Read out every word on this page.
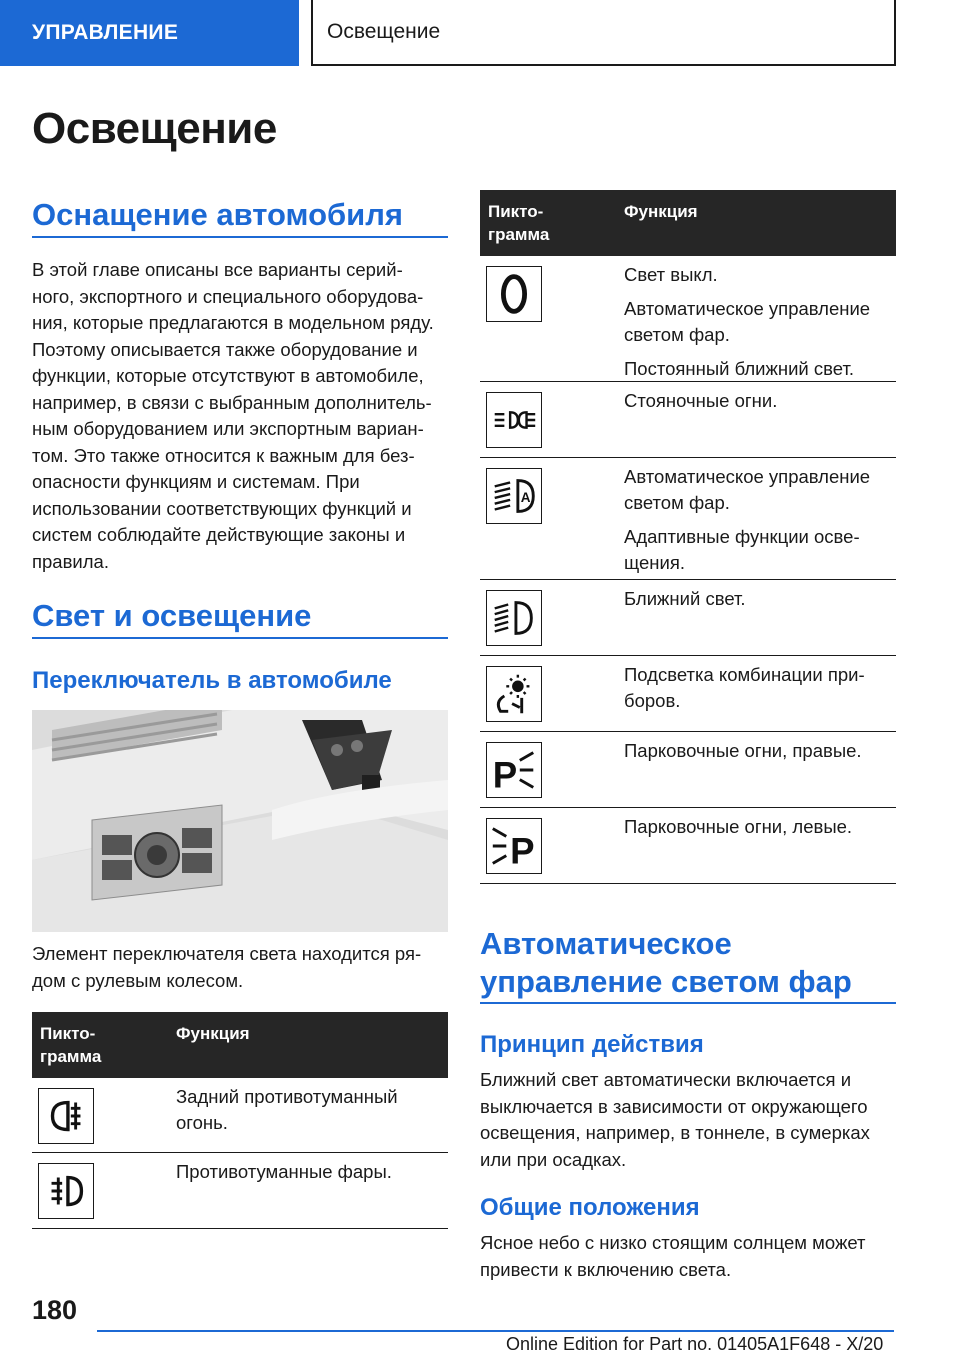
УПРАВЛЕНИЕ	Освещение
Освещение
Оснащение автомобиля
В этой главе описаны все варианты серий-
ного, экспортного и специального оборудова-
ния, которые предлагаются в модельном ряду.
Поэтому описывается также оборудование и
функции, которые отсутствуют в автомобиле,
например, в связи с выбранным дополнитель-
ным оборудованием или экспортным вариан-
том. Это также относится к важным для без-
опасности функциям и системам. При
использовании соответствующих функций и
систем соблюдайте действующие законы и
правила.
Свет и освещение
Переключатель в автомобиле
Элемент переключателя света находится ря-
дом с рулевым колесом.
Пикто-
грамма
Функция

Задний противотуманный огонь.

Противотуманные фары.

Пикто-
грамма
Функция

Свет выкл.

Автоматическое управление светом фар.

Постоянный ближний свет.

Стояночные огни.

A

Автоматическое управление светом фар.

Адаптивные функции осве-щения.

Ближний свет.

Подсветка комбинации при-боров.

P

Парковочные огни, правые.

P

Парковочные огни, левые.

Автоматическое
управление светом фар
Принцип действия
Ближний свет автоматически включается и
выключается в зависимости от окружающего
освещения, например, в тоннеле, в сумерках
или при осадках.
Общие положения
Ясное небо с низко стоящим солнцем может
привести к включению света.
180
Online Edition for Part no. 01405A1F648 - X/20
